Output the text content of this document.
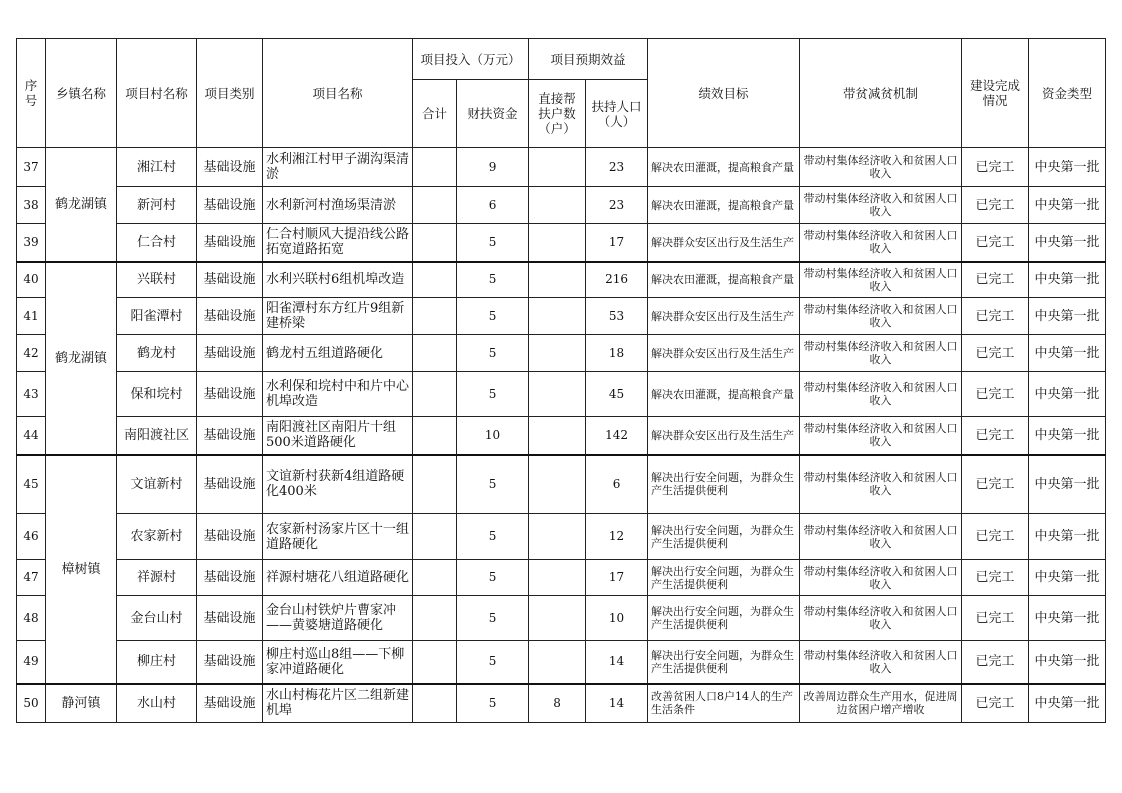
序号	乡镇名称	项目村名称	项目类别	项目名称	项目投入（万元）		项目预期效益		绩效目标	带贫减贫机制	建设完成情况	资金类型
					合计	财扶资金	直接帮扶户数（户）	扶持人口（人）				
37	鹤龙湖镇	湘江村	基础设施	水利湘江村甲子湖沟渠清淤		9		23	解决农田灌溉，提高粮食产量	带动村集体经济收入和贫困人口收入	已完工	中央第一批
38		新河村	基础设施	水利新河村渔场渠清淤		6		23	解决农田灌溉，提高粮食产量	带动村集体经济收入和贫困人口收入	已完工	中央第一批
39		仁合村	基础设施	仁合村顺风大提沿线公路拓宽道路拓宽		5		17	解决群众安区出行及生活生产	带动村集体经济收入和贫困人口收入	已完工	中央第一批
40	鹤龙湖镇	兴联村	基础设施	水利兴联村6组机埠改造		5		216	解决农田灌溉，提高粮食产量	带动村集体经济收入和贫困人口收入	已完工	中央第一批
41		阳雀潭村	基础设施	阳雀潭村东方红片9组新建桥梁		5		53	解决群众安区出行及生活生产	带动村集体经济收入和贫困人口收入	已完工	中央第一批
42		鹤龙村	基础设施	鹤龙村五组道路硬化		5		18	解决群众安区出行及生活生产	带动村集体经济收入和贫困人口收入	已完工	中央第一批
43		保和垸村	基础设施	水利保和垸村中和片中心机埠改造		5		45	解决农田灌溉，提高粮食产量	带动村集体经济收入和贫困人口收入	已完工	中央第一批
44		南阳渡社区	基础设施	南阳渡社区南阳片十组500米道路硬化		10		142	解决群众安区出行及生活生产	带动村集体经济收入和贫困人口收入	已完工	中央第一批
45	樟树镇	文谊新村	基础设施	文谊新村获新4组道路硬化400米		5		6	解决出行安全问题，为群众生产生活提供便利	带动村集体经济收入和贫困人口收入	已完工	中央第一批
46		农家新村	基础设施	农家新村汤家片区十一组道路硬化		5		12	解决出行安全问题，为群众生产生活提供便利	带动村集体经济收入和贫困人口收入	已完工	中央第一批
47		祥源村	基础设施	祥源村塘花八组道路硬化		5		17	解决出行安全问题，为群众生产生活提供便利	带动村集体经济收入和贫困人口收入	已完工	中央第一批
48		金台山村	基础设施	金台山村铁炉片曹家冲——黄婆塘道路硬化		5		10	解决出行安全问题，为群众生产生活提供便利	带动村集体经济收入和贫困人口收入	已完工	中央第一批
49		柳庄村	基础设施	柳庄村巡山8组——下柳家冲道路硬化		5		14	解决出行安全问题，为群众生产生活提供便利	带动村集体经济收入和贫困人口收入	已完工	中央第一批
50	静河镇	水山村	基础设施	水山村梅花片区二组新建机埠		5	8	14	改善贫困人口8户14人的生产生活条件	改善周边群众生产用水，促进周边贫困户增产增收	已完工	中央第一批
